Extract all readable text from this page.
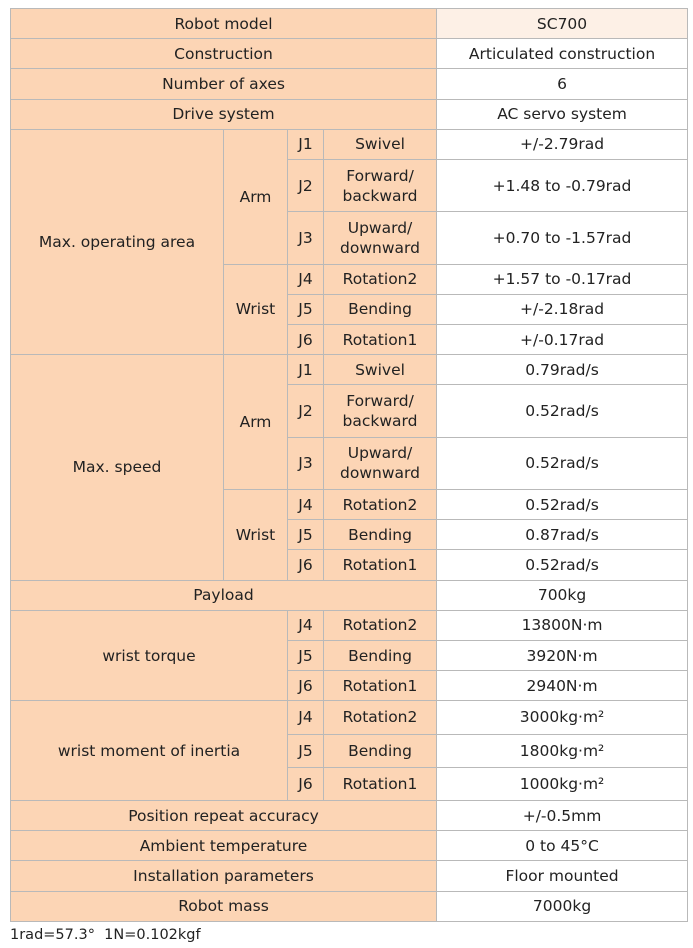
Robot model				SC700
Construction				Articulated construction
Number of axes				6
Drive system				AC servo system
Max. operating area	Arm	J1	Swivel	+/-2.79rad
		J2	Forward/
backward	+1.48 to -0.79rad
		J3	Upward/
downward	+0.70 to -1.57rad
	Wrist	J4	Rotation2	+1.57 to -0.17rad
		J5	Bending	+/-2.18rad
		J6	Rotation1	+/-0.17rad
Max. speed	Arm	J1	Swivel	0.79rad/s
		J2	Forward/
backward	0.52rad/s
		J3	Upward/
downward	0.52rad/s
	Wrist	J4	Rotation2	0.52rad/s
		J5	Bending	0.87rad/s
		J6	Rotation1	0.52rad/s
Payload				700kg
wrist torque		J4	Rotation2	13800N·m
		J5	Bending	3920N·m
		J6	Rotation1	2940N·m
wrist moment of inertia		J4	Rotation2	3000kg·m²
		J5	Bending	1800kg·m²
		J6	Rotation1	1000kg·m²
Position repeat accuracy				+/-0.5mm
Ambient temperature				0 to 45°C
Installation parameters				Floor mounted
Robot mass				7000kg
1rad=57.3°  1N=0.102kgf
